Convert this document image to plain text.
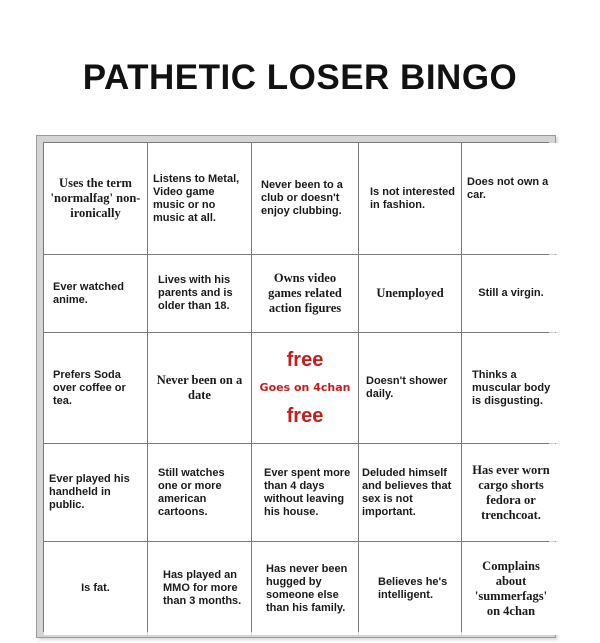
PATHETIC LOSER BINGO
Uses the term 'normalfag' non-ironically
Listens to Metal, Video game music or no music at all.
Never been to a club or doesn't enjoy clubbing.
Is not interested in fashion.
Does not own a car.
Ever watched anime.
Lives with his parents and is older than 18.
Owns video games related action figures
Unemployed	Still a virgin.
Prefers Soda over coffee or tea.
Never been on a date
free
Goes on 4chan
free
Doesn't shower daily.
Thinks a muscular body is disgusting.
Ever played his handheld in public.
Still watches one or more american cartoons.
Ever spent more than 4 days without leaving his house.
Deluded himself and believes that sex is not important.
Has ever worn cargo shorts fedora or trenchcoat.
Is fat.
Has played an MMO for more than 3 months.
Has never been hugged by someone else than his family.
Believes he's intelligent.
Complains about 'summerfags' on 4chan
